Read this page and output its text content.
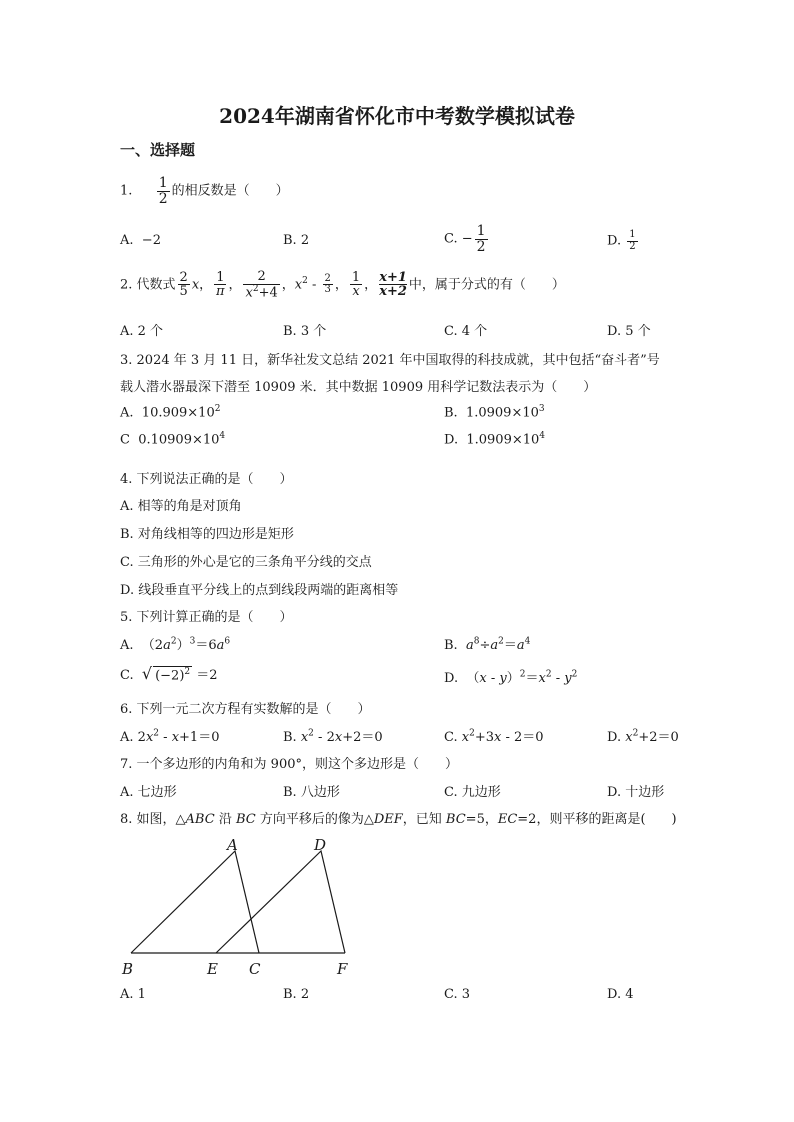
2024年湖南省怀化市中考数学模拟试卷
一、选择题
1. $\frac{1}{2}$ 的相反数是（　　）
A. −2	B. 2	C. − $\frac{1}{2}$	D. $\frac{1}{2}$
2. 代数式 $\frac{2}{5}$ x， $\frac{1}{\pi}$ ， $\frac{2}{x^2+4}$ ，$x^2 - \frac{2}{3}$ ， $\frac{1}{x}$ ， $\frac{x+1}{x+2}$ 中，属于分式的有（　　）
A. 2 个	B. 3 个	C. 4 个	D. 5 个
3. 2024 年 3 月 11 日，新华社发文总结 2021 年中国取得的科技成就，其中包括“奋斗者”号
载人潜水器最深下潜至 10909 米．其中数据 10909 用科学记数法表示为（　　）
A. $10.909\times 10^2$	B. $1.0909\times 10^3$
C $0.10909\times 10^4$	D. $1.0909\times 10^4$
4. 下列说法正确的是（　　）
A. 相等的角是对顶角
B. 对角线相等的四边形是矩形
C. 三角形的外心是它的三条角平分线的交点
D. 线段垂直平分线上的点到线段两端的距离相等
5. 下列计算正确的是（　　）
A. $(2a^2)^3=6a^6$	B. $a^8\div a^2=a^4$
C. √ $(-2)^2 =2$	D. $(x - y)^2=x^2 - y^2$
6. 下列一元二次方程有实数解的是（　　）
A. $2x^2 - x+1=0$	B. $x^2 - 2x+2=0$	C. $x^2+3x - 2=0$	D. $x^2+2=0$
7. 一个多边形的内角和为 900°，则这个多边形是（　　）
A. 七边形	B. 八边形	C. 九边形	D. 十边形
8. 如图，△ABC 沿 BC 方向平移后的像为△DEF，已知 BC=5，EC=2，则平移的距离是(　　)
A	D
B	E C	F
A. 1	B. 2	C. 3	D. 4
